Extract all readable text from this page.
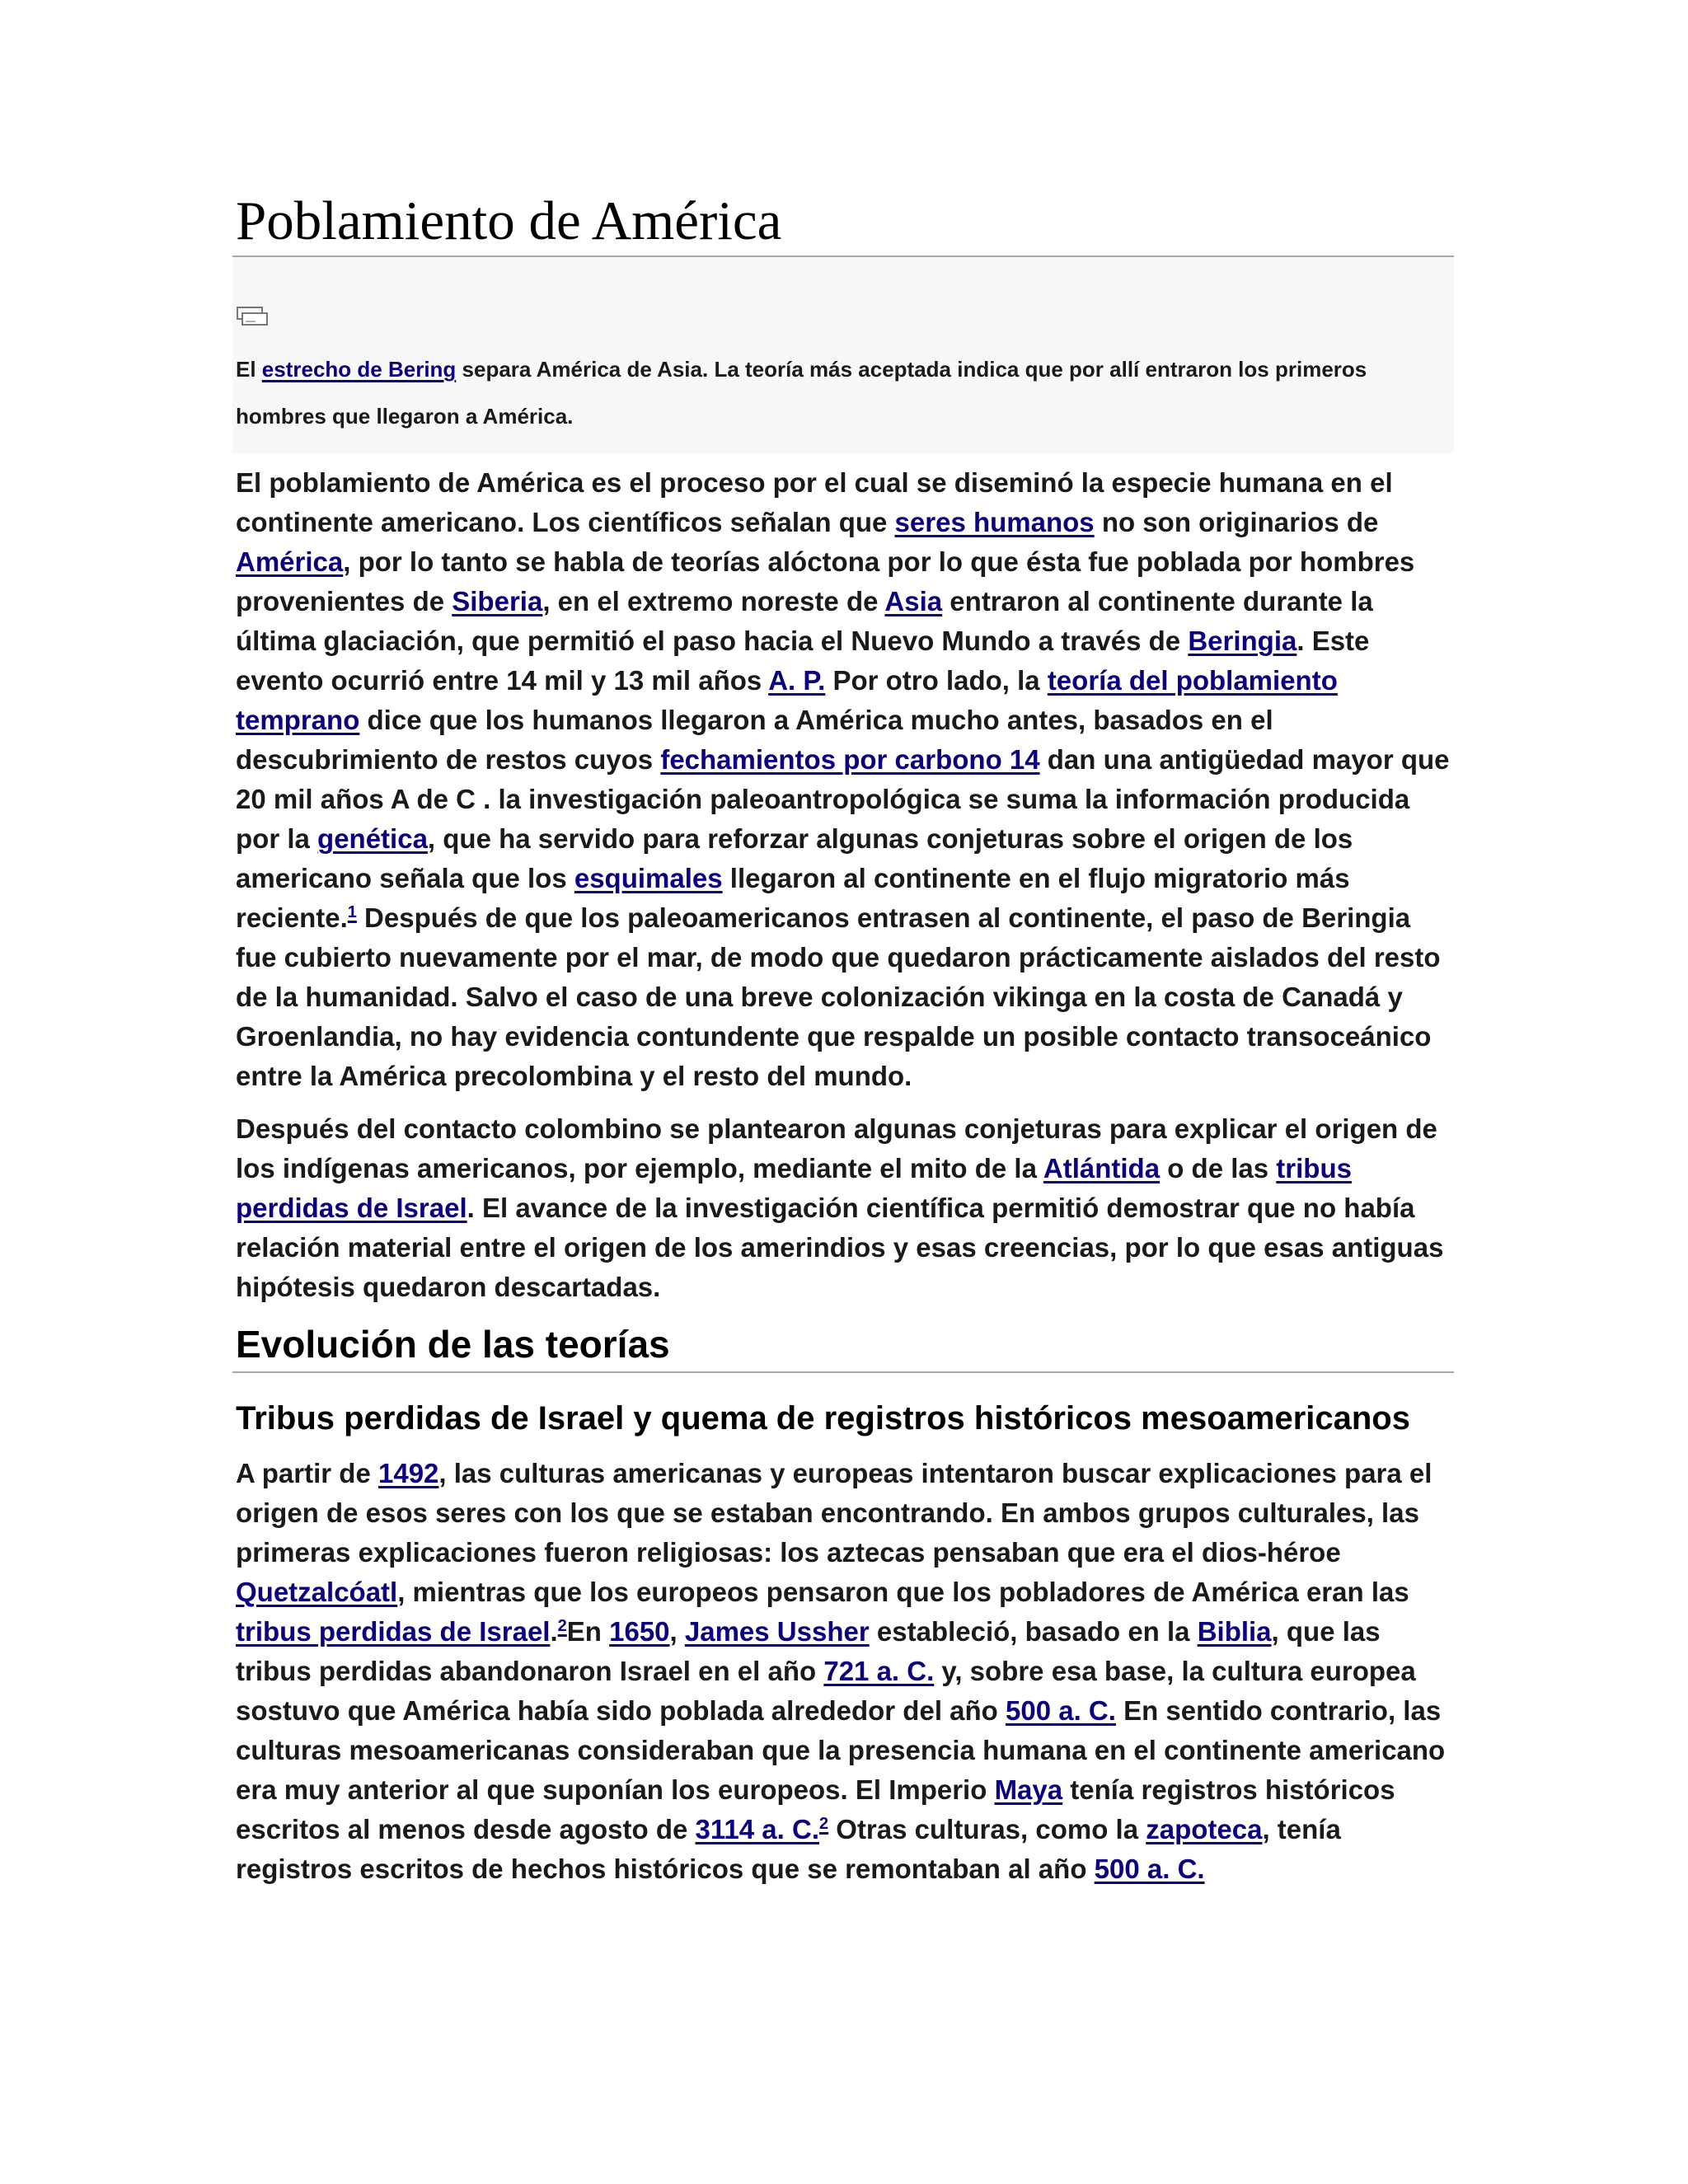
Poblamiento de América

El estrecho de Bering separa América de Asia. La teoría más aceptada indica que por allí entraron los primeros hombres que llegaron a América.

El poblamiento de América es el proceso por el cual se diseminó la especie humana en el continente americano. Los científicos señalan que seres humanos no son originarios de América, por lo tanto se habla de teorías alóctona por lo que ésta fue poblada por hombres provenientes de Siberia, en el extremo noreste de Asia entraron al continente durante la última glaciación, que permitió el paso hacia el Nuevo Mundo a través de Beringia. Este evento ocurrió entre 14 mil y 13 mil años A. P. Por otro lado, la teoría del poblamiento temprano dice que los humanos llegaron a América mucho antes, basados en el descubrimiento de restos cuyos fechamientos por carbono 14 dan una antigüedad mayor que 20 mil años A de C . la investigación paleoantropológica se suma la información producida por la genética, que ha servido para reforzar algunas conjeturas sobre el origen de los americano señala que los esquimales llegaron al continente en el flujo migratorio más reciente.$^1$ Después de que los paleoamericanos entrasen al continente, el paso de Beringia fue cubierto nuevamente por el mar, de modo que quedaron prácticamente aislados del resto de la humanidad. Salvo el caso de una breve colonización vikinga en la costa de Canadá y Groenlandia, no hay evidencia contundente que respalde un posible contacto transoceánico entre la América precolombina y el resto del mundo.

Después del contacto colombino se plantearon algunas conjeturas para explicar el origen de los indígenas americanos, por ejemplo, mediante el mito de la Atlántida o de las tribus perdidas de Israel. El avance de la investigación científica permitió demostrar que no había relación material entre el origen de los amerindios y esas creencias, por lo que esas antiguas hipótesis quedaron descartadas.

Evolución de las teorías
Tribus perdidas de Israel y quema de registros históricos mesoamericanos

A partir de 1492, las culturas americanas y europeas intentaron buscar explicaciones para el origen de esos seres con los que se estaban encontrando. En ambos grupos culturales, las primeras explicaciones fueron religiosas: los aztecas pensaban que era el dios-héroe Quetzalcóatl, mientras que los europeos pensaron que los pobladores de América eran las tribus perdidas de Israel.$^2$En 1650, James Ussher estableció, basado en la Biblia, que las tribus perdidas abandonaron Israel en el año 721 a. C. y, sobre esa base, la cultura europea sostuvo que América había sido poblada alrededor del año 500 a. C. En sentido contrario, las culturas mesoamericanas consideraban que la presencia humana en el continente americano era muy anterior al que suponían los europeos. El Imperio Maya tenía registros históricos escritos al menos desde agosto de 3114 a. C.$^2$ Otras culturas, como la zapoteca, tenía registros escritos de hechos históricos que se remontaban al año 500 a. C.
